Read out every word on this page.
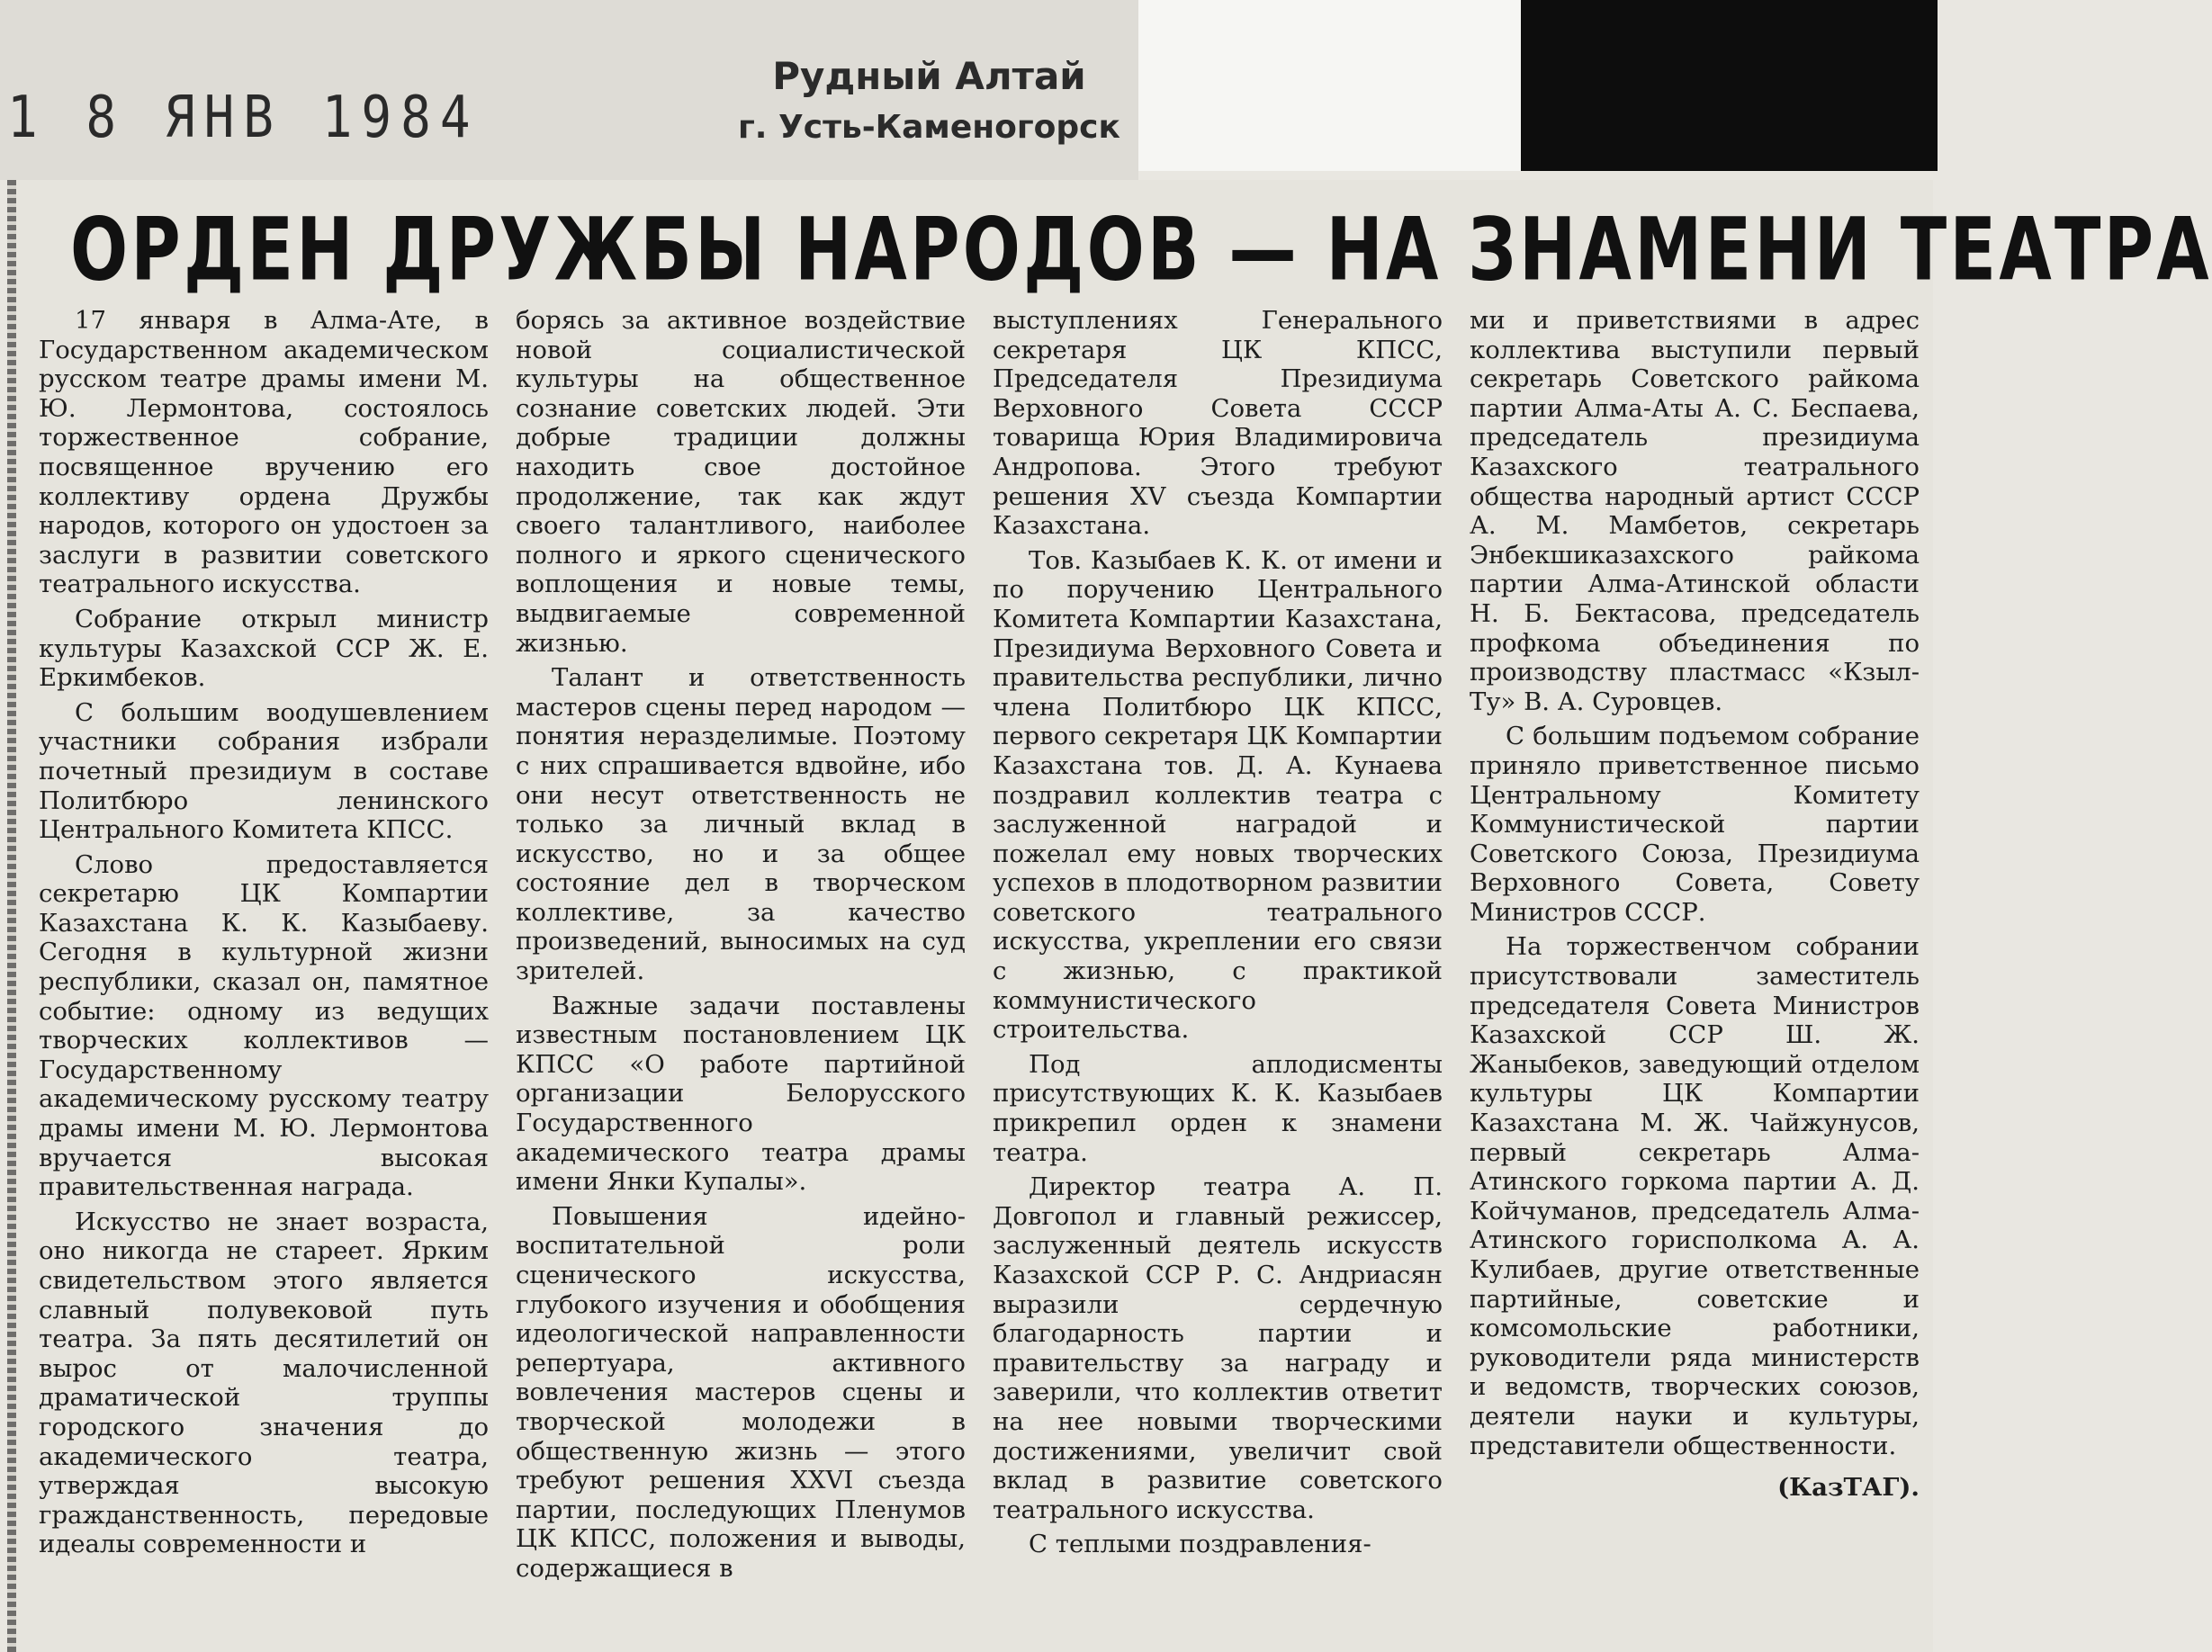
1 8 ЯНВ 1984
Рудный Алтай
г. Усть-Каменогорск
ОРДЕН ДРУЖБЫ НАРОДОВ — НА ЗНАМЕНИ ТЕАТРА

17 января в Алма-Ате, в Государственном академическом русском театре драмы имени М. Ю. Лермонтова, состоялось торжественное собрание, посвященное вручению его коллективу ордена Дружбы народов, которого он удостоен за заслуги в развитии советского театрального искусства.

Собрание открыл министр культуры Казахской ССР Ж. Е. Еркимбеков.

С большим воодушевлением участники собрания избрали почетный президиум в составе Политбюро ленинского Центрального Комитета КПСС.

Слово предоставляется секретарю ЦК Компартии Казахстана К. К. Казыбаеву. Сегодня в культурной жизни республики, сказал он, памятное событие: одному из ведущих творческих коллективов — Государственному академическому русскому театру драмы имени М. Ю. Лермонтова вручается высокая правительственная награда.

Искусство не знает возраста, оно никогда не стареет. Ярким свидетельством этого является славный полувековой путь театра. За пять десятилетий он вырос от малочисленной драматической труппы городского значения до академического театра, утверждая высокую гражданственность, передовые идеалы современности и

борясь за активное воздействие новой социалистической культуры на общественное сознание советских людей. Эти добрые традиции должны находить свое достойное продолжение, так как ждут своего талантливого, наиболее полного и яркого сценического воплощения и новые темы, выдвигаемые современной жизнью.

Талант и ответственность мастеров сцены перед народом — понятия неразделимые. Поэтому с них спрашивается вдвойне, ибо они несут ответственность не только за личный вклад в искусство, но и за общее состояние дел в творческом коллективе, за качество произведений, выносимых на суд зрителей.

Важные задачи поставлены известным постановлением ЦК КПСС «О работе партийной организации Белорусского Государственного академического театра драмы имени Янки Купалы».

Повышения идейно-воспитательной роли сценического искусства, глубокого изучения и обобщения идеологической направленности репертуара, активного вовлечения мастеров сцены и творческой молодежи в общественную жизнь — этого требуют решения XXVI съезда партии, последующих Пленумов ЦК КПСС, положения и выводы, содержащиеся в

выступлениях Генерального секретаря ЦК КПСС, Председателя Президиума Верховного Совета СССР товарища Юрия Владимировича Андропова. Этого требуют решения XV съезда Компартии Казахстана.

Тов. Казыбаев К. К. от имени и по поручению Центрального Комитета Компартии Казахстана, Президиума Верховного Совета и правительства республики, лично члена Политбюро ЦК КПСС, первого секретаря ЦК Компартии Казахстана тов. Д. А. Кунаева поздравил коллектив театра с заслуженной наградой и пожелал ему новых творческих успехов в плодотворном развитии советского театрального искусства, укреплении его связи с жизнью, с практикой коммунистического строительства.

Под аплодисменты присутствующих К. К. Казыбаев прикрепил орден к знамени театра.

Директор театра А. П. Довгопол и главный режиссер, заслуженный деятель искусств Казахской ССР Р. С. Андриасян выразили сердечную благодарность партии и правительству за награду и заверили, что коллектив ответит на нее новыми творческими достижениями, увеличит свой вклад в развитие советского театрального искусства.

С теплыми поздравления-

ми и приветствиями в адрес коллектива выступили первый секретарь Советского райкома партии Алма-Аты А. С. Беспаева, председатель президиума Казахского театрального общества народный артист СССР А. М. Мамбетов, секретарь Энбекшиказахского райкома партии Алма-Атинской области Н. Б. Бектасова, председатель профкома объединения по производству пластмасс «Кзыл-Ту» В. А. Суровцев.

С большим подъемом собрание приняло приветственное письмо Центральному Комитету Коммунистической партии Советского Союза, Президиума Верховного Совета, Совету Министров СССР.

На торжественчом собрании присутствовали заместитель председателя Совета Министров Казахской ССР Ш. Ж. Жаныбеков, заведующий отделом культуры ЦК Компартии Казахстана М. Ж. Чайжунусов, первый секретарь Алма-Атинского горкома партии А. Д. Койчуманов, председатель Алма-Атинского горисполкома А. А. Кулибаев, другие ответственные партийные, советские и комсомольские работники, руководители ряда министерств и ведомств, творческих союзов, деятели науки и культуры, представители общественности.

(КазТАГ).
